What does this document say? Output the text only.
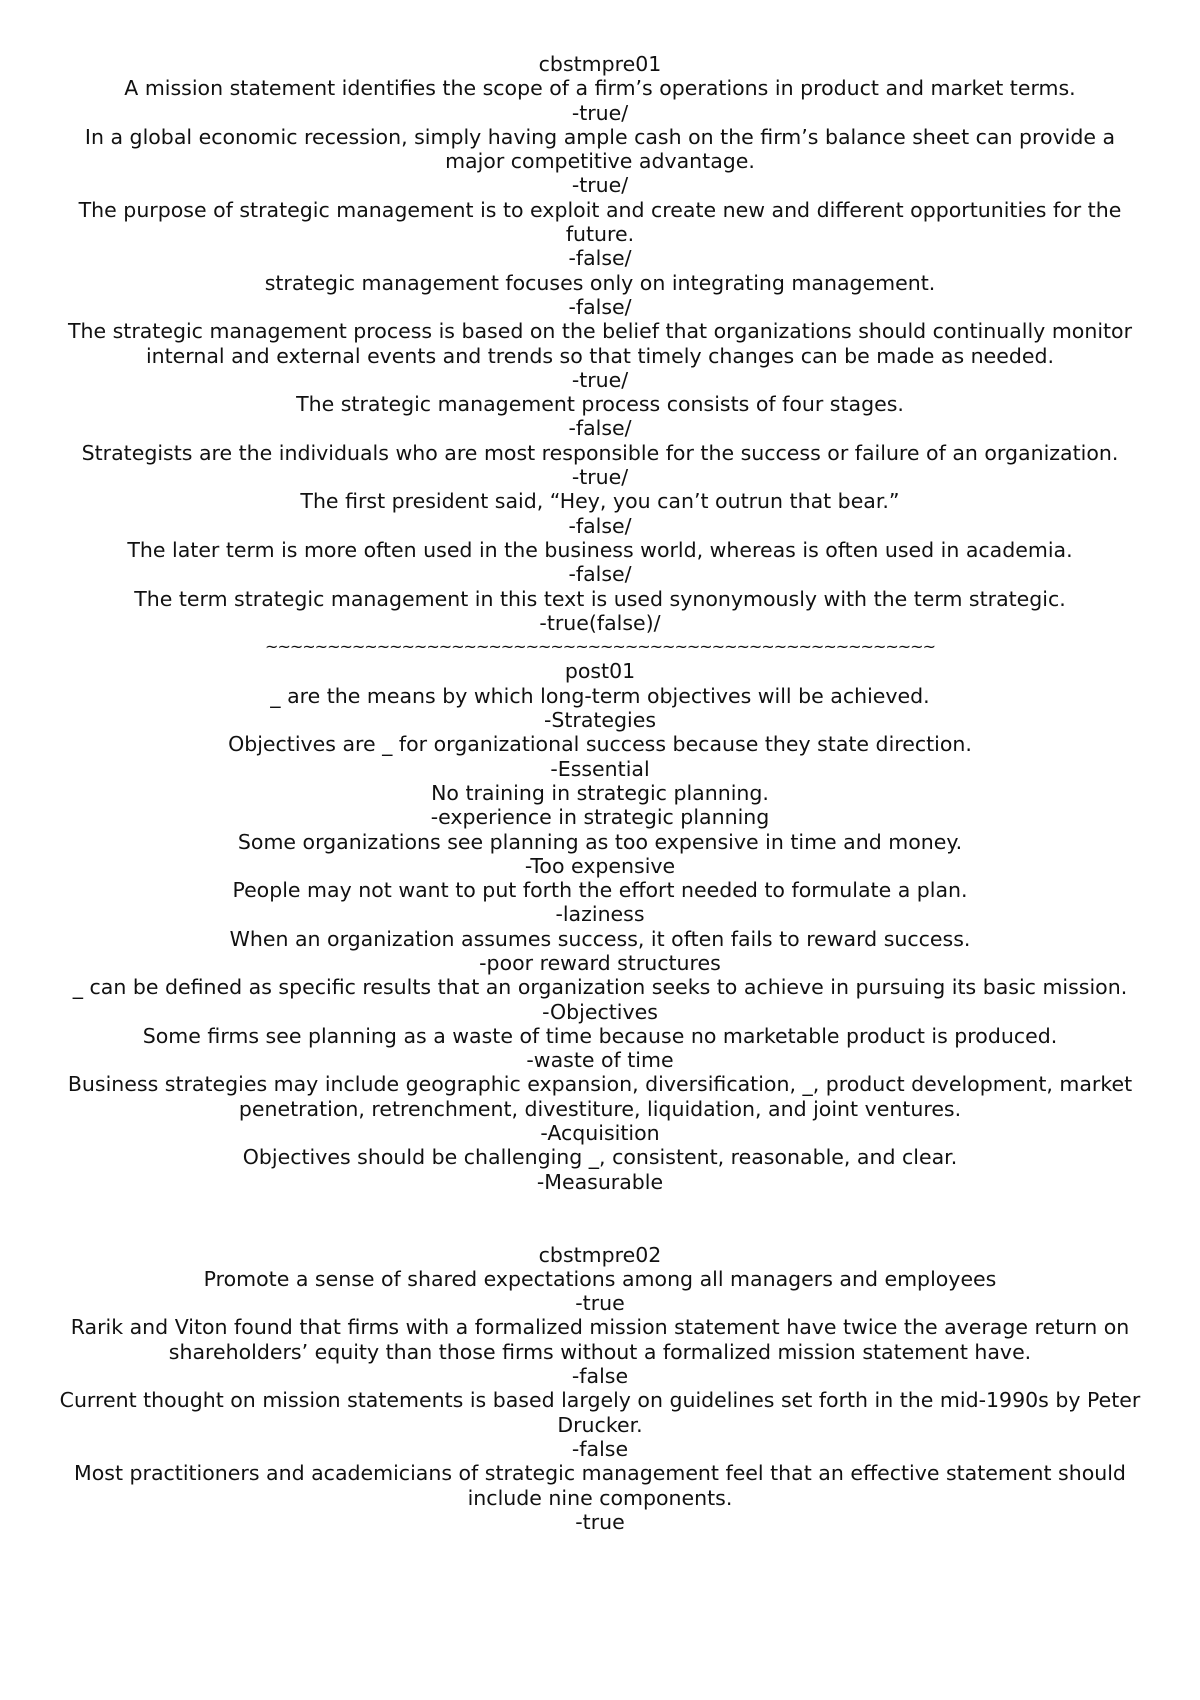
cbstmpre01

A mission statement identifies the scope of a firm’s operations in product and market terms.

-true/

In a global economic recession, simply having ample cash on the firm’s balance sheet can provide a major competitive advantage.

-true/

The purpose of strategic management is to exploit and create new and different opportunities for the future.

-false/

strategic management focuses only on integrating management.

-false/

The strategic management process is based on the belief that organizations should continually monitor internal and external events and trends so that timely changes can be made as needed.

-true/

The strategic management process consists of four stages.

-false/

Strategists are the individuals who are most responsible for the success or failure of an organization.

-true/

The first president said, “Hey, you can’t outrun that bear.”

-false/

The later term is more often used in the business world, whereas is often used in academia.

-false/

The term strategic management in this text is used synonymously with the term strategic.

-true(false)/

~~~~~~~~~~~~~~~~~~~~~~~~~~~~~~~~~~~~~~~~~~~~~~~~~~~~~~

post01

_ are the means by which long-term objectives will be achieved.

-Strategies

Objectives are _ for organizational success because they state direction.

-Essential

No training in strategic planning.

-experience in strategic planning

Some organizations see planning as too expensive in time and money.

-Too expensive

People may not want to put forth the effort needed to formulate a plan.

-laziness

When an organization assumes success, it often fails to reward success.

-poor reward structures

_ can be defined as specific results that an organization seeks to achieve in pursuing its basic mission.

-Objectives

Some firms see planning as a waste of time because no marketable product is produced.

-waste of time

Business strategies may include geographic expansion, diversification, _, product development, market penetration, retrenchment, divestiture, liquidation, and joint ventures.

-Acquisition

Objectives should be challenging _, consistent, reasonable, and clear.

-Measurable

cbstmpre02

Promote a sense of shared expectations among all managers and employees

-true

Rarik and Viton found that firms with a formalized mission statement have twice the average return on shareholders’ equity than those firms without a formalized mission statement have.

-false

Current thought on mission statements is based largely on guidelines set forth in the mid-1990s by Peter Drucker.

-false

Most practitioners and academicians of strategic management feel that an effective statement should include nine components.

-true
